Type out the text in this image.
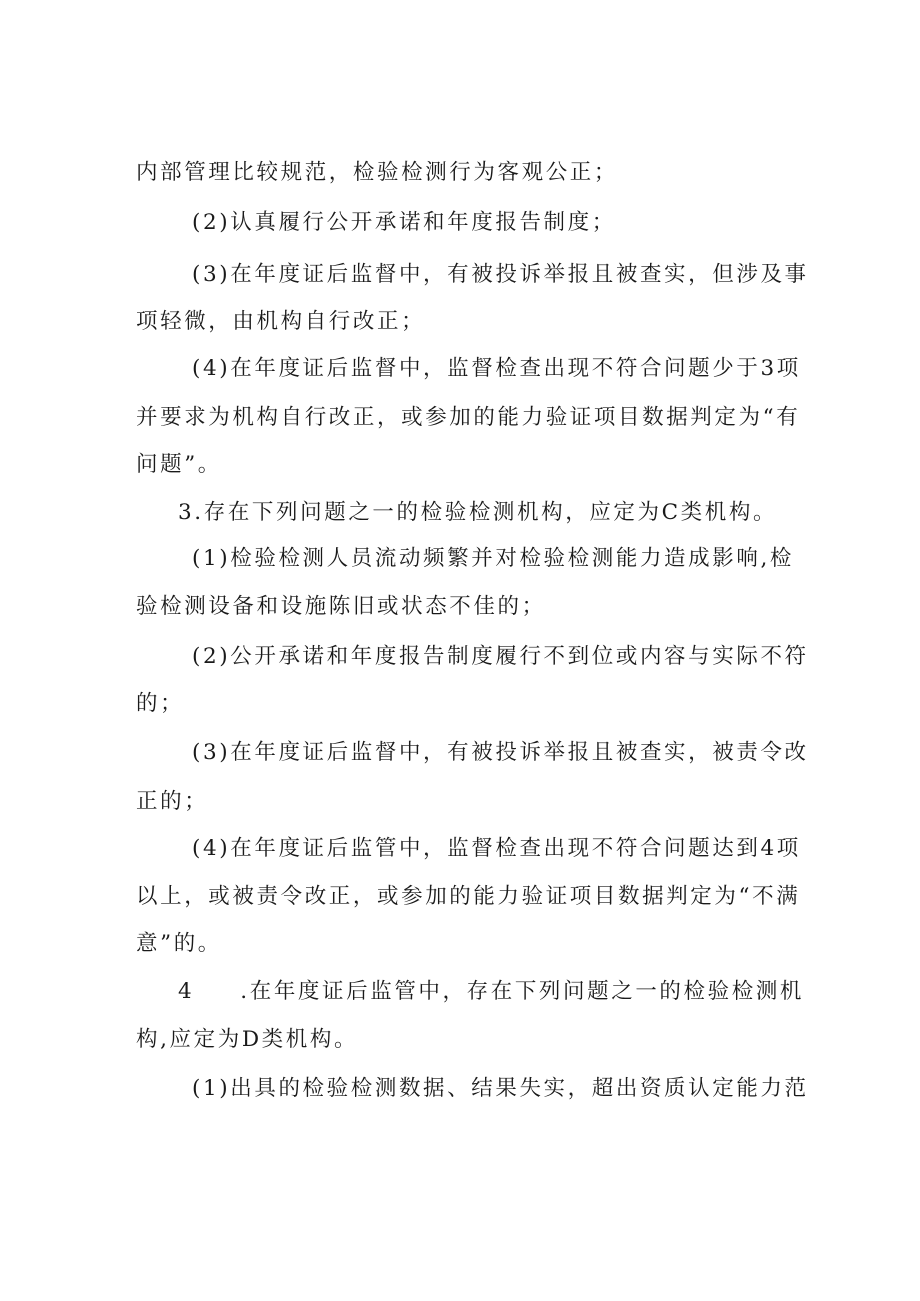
内部管理比较规范，检验检测行为客观公正；
(2)认真履行公开承诺和年度报告制度；
(3)在年度证后监督中，有被投诉举报且被查实，但涉及事
项轻微，由机构自行改正；
(4)在年度证后监督中，监督检查出现不符合问题少于3项
并要求为机构自行改正，或参加的能力验证项目数据判定为“有
问题”。
3.存在下列问题之一的检验检测机构，应定为C类机构。
(1)检验检测人员流动频繁并对检验检测能力造成影响,检
验检测设备和设施陈旧或状态不佳的；
(2)公开承诺和年度报告制度履行不到位或内容与实际不符
的；
(3)在年度证后监督中，有被投诉举报且被查实，被责令改
正的；
(4)在年度证后监管中，监督检查出现不符合问题达到4项
以上，或被责令改正，或参加的能力验证项目数据判定为“不满
意”的。
4 .在年度证后监管中，存在下列问题之一的检验检测机
构,应定为D类机构。
(1)出具的检验检测数据、结果失实，超出资质认定能力范
